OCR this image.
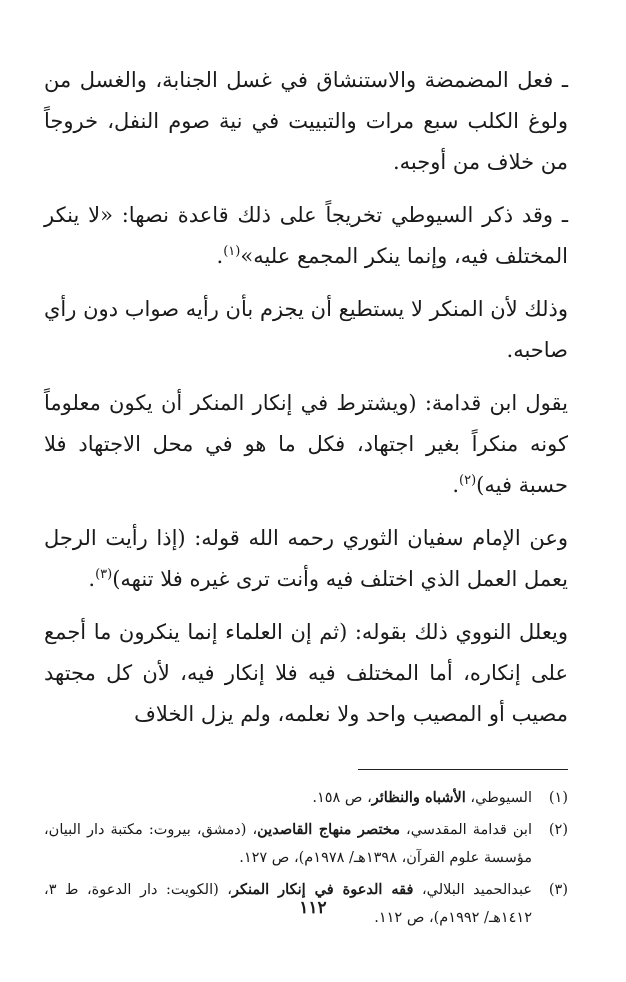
ـ فعل المضمضة والاستنشاق في غسل الجنابة، والغسل من ولوغ الكلب سبع مرات والتبييت في نية صوم النفل، خروجاً من خلاف من أوجبه.

ـ وقد ذكر السيوطي تخريجاً على ذلك قاعدة نصها: «لا ينكر المختلف فيه، وإنما ينكر المجمع عليه»$^{(١)}$.

وذلك لأن المنكر لا يستطيع أن يجزم بأن رأيه صواب دون رأي صاحبه.

يقول ابن قدامة: (ويشترط في إنكار المنكر أن يكون معلوماً كونه منكراً بغير اجتهاد، فكل ما هو في محل الاجتهاد فلا حسبة فيه)$^{(٢)}$.

وعن الإمام سفيان الثوري رحمه الله قوله: (إذا رأيت الرجل يعمل العمل الذي اختلف فيه وأنت ترى غيره فلا تنهه)$^{(٣)}$.

ويعلل النووي ذلك بقوله: (ثم إن العلماء إنما ينكرون ما أجمع على إنكاره، أما المختلف فيه فلا إنكار فيه، لأن كل مجتهد مصيب أو المصيب واحد ولا نعلمه، ولم يزل الخلاف

(١)
السيوطي، الأشباه والنظائر، ص ١٥٨.
(٢)
ابن قدامة المقدسي، مختصر منهاج القاصدين، (دمشق، بيروت: مكتبة دار البيان، مؤسسة علوم القرآن، ١٣٩٨هـ/ ١٩٧٨م)، ص ١٢٧.
(٣)
عبدالحميد البلالي، فقه الدعوة في إنكار المنكر، (الكويت: دار الدعوة، ط ٣، ١٤١٢هـ/ ١٩٩٢م)، ص ١١٢.
١١٢
